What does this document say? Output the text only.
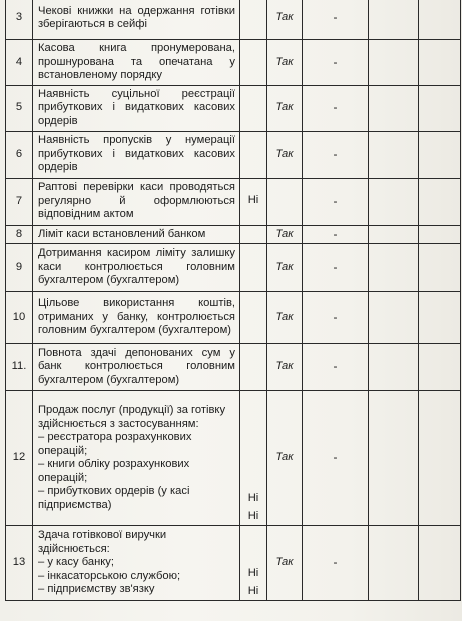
3	Чекові книжки на одержання готівки зберігаються в сейфі		Так	-		
4	Касова книга пронумерована, прошнурована та опечатана у встановленому порядку		Так	-		
5	Наявність суцільної реєстрації прибуткових і видаткових касових ордерів		Так	-		
6	Наявність пропусків у нумерації прибуткових і видаткових касових ордерів		Так	-		
7	Раптові перевірки каси проводяться регулярно й оформлюються відповідним актом	Ні		-		
8	Ліміт каси встановлений банком		Так	-		
9	Дотримання касиром ліміту залишку каси контролюється головним бухгалтером (бухгалтером)		Так	-		
10	Цільове використання коштів, отриманих у банку, контролюється головним бухгалтером (бухгалтером)		Так	-		
11.	Повнота здачі депонованих сум у банк контролюється головним бухгалтером (бухгалтером)		Так	-		
12	Продаж послуг (продукції) за готівку здійснюється з застосуванням:
– реєстратора розрахункових операцій;
– книги обліку розрахункових операцій;
– прибуткових ордерів (у касі підприємства)	Ні
Ні	Так	-		
13	Здача готівкової виручки здійснюється:
– у касу банку;
– інкасаторською службою;
– підприємству зв'язку	Ні
Ні	Так	-		
